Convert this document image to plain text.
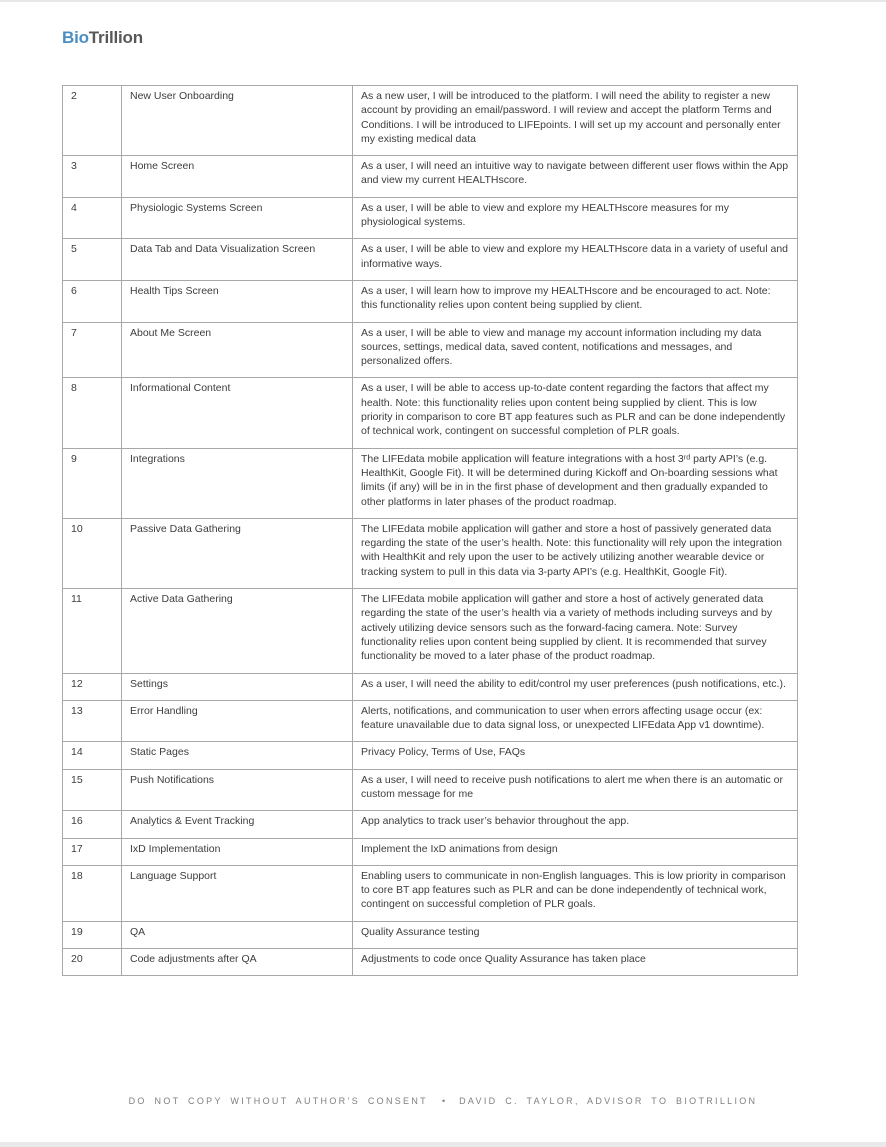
BioTrillion
2	New User Onboarding	As a new user, I will be introduced to the platform. I will need the ability to register a new account by providing an email/password. I will review and accept the platform Terms and Conditions. I will be introduced to LIFEpoints. I will set up my account and personally enter my existing medical data
3	Home Screen	As a user, I will need an intuitive way to navigate between different user flows within the App and view my current HEALTHscore.
4	Physiologic Systems Screen	As a user, I will be able to view and explore my HEALTHscore measures for my physiological systems.
5	Data Tab and Data Visualization Screen	As a user, I will be able to view and explore my HEALTHscore data in a variety of useful and informative ways.
6	Health Tips Screen	As a user, I will learn how to improve my HEALTHscore and be encouraged to act. Note: this functionality relies upon content being supplied by client.
7	About Me Screen	As a user, I will be able to view and manage my account information including my data sources, settings, medical data, saved content, notifications and messages, and personalized offers.
8	Informational Content	As a user, I will be able to access up-to-date content regarding the factors that affect my health. Note: this functionality relies upon content being supplied by client. This is low priority in comparison to core BT app features such as PLR and can be done independently of technical work, contingent on successful completion of PLR goals.
9	Integrations	The LIFEdata mobile application will feature integrations with a host 3ʳᵈ party API’s (e.g. HealthKit, Google Fit). It will be determined during Kickoff and On-boarding sessions what limits (if any) will be in in the first phase of development and then gradually expanded to other platforms in later phases of the product roadmap.
10	Passive Data Gathering	The LIFEdata mobile application will gather and store a host of passively generated data regarding the state of the user’s health. Note: this functionality will rely upon the integration with HealthKit and rely upon the user to be actively utilizing another wearable device or tracking system to pull in this data via 3-party API’s (e.g. HealthKit, Google Fit).
11	Active Data Gathering	The LIFEdata mobile application will gather and store a host of actively generated data regarding the state of the user’s health via a variety of methods including surveys and by actively utilizing device sensors such as the forward-facing camera. Note: Survey functionality relies upon content being supplied by client. It is recommended that survey functionality be moved to a later phase of the product roadmap.
12	Settings	As a user, I will need the ability to edit/control my user preferences (push notifications, etc.).
13	Error Handling	Alerts, notifications, and communication to user when errors affecting usage occur (ex: feature unavailable due to data signal loss, or unexpected LIFEdata App v1 downtime).
14	Static Pages	Privacy Policy, Terms of Use, FAQs
15	Push Notifications	As a user, I will need to receive push notifications to alert me when there is an automatic or custom message for me
16	Analytics & Event Tracking	App analytics to track user’s behavior throughout the app.
17	IxD Implementation	Implement the IxD animations from design
18	Language Support	Enabling users to communicate in non-English languages. This is low priority in comparison to core BT app features such as PLR and can be done independently of technical work, contingent on successful completion of PLR goals.
19	QA	Quality Assurance testing
20	Code adjustments after QA	Adjustments to code once Quality Assurance has taken place
DO NOT COPY WITHOUT AUTHOR’S CONSENT • DAVID C. TAYLOR, ADVISOR TO BIOTRILLION
